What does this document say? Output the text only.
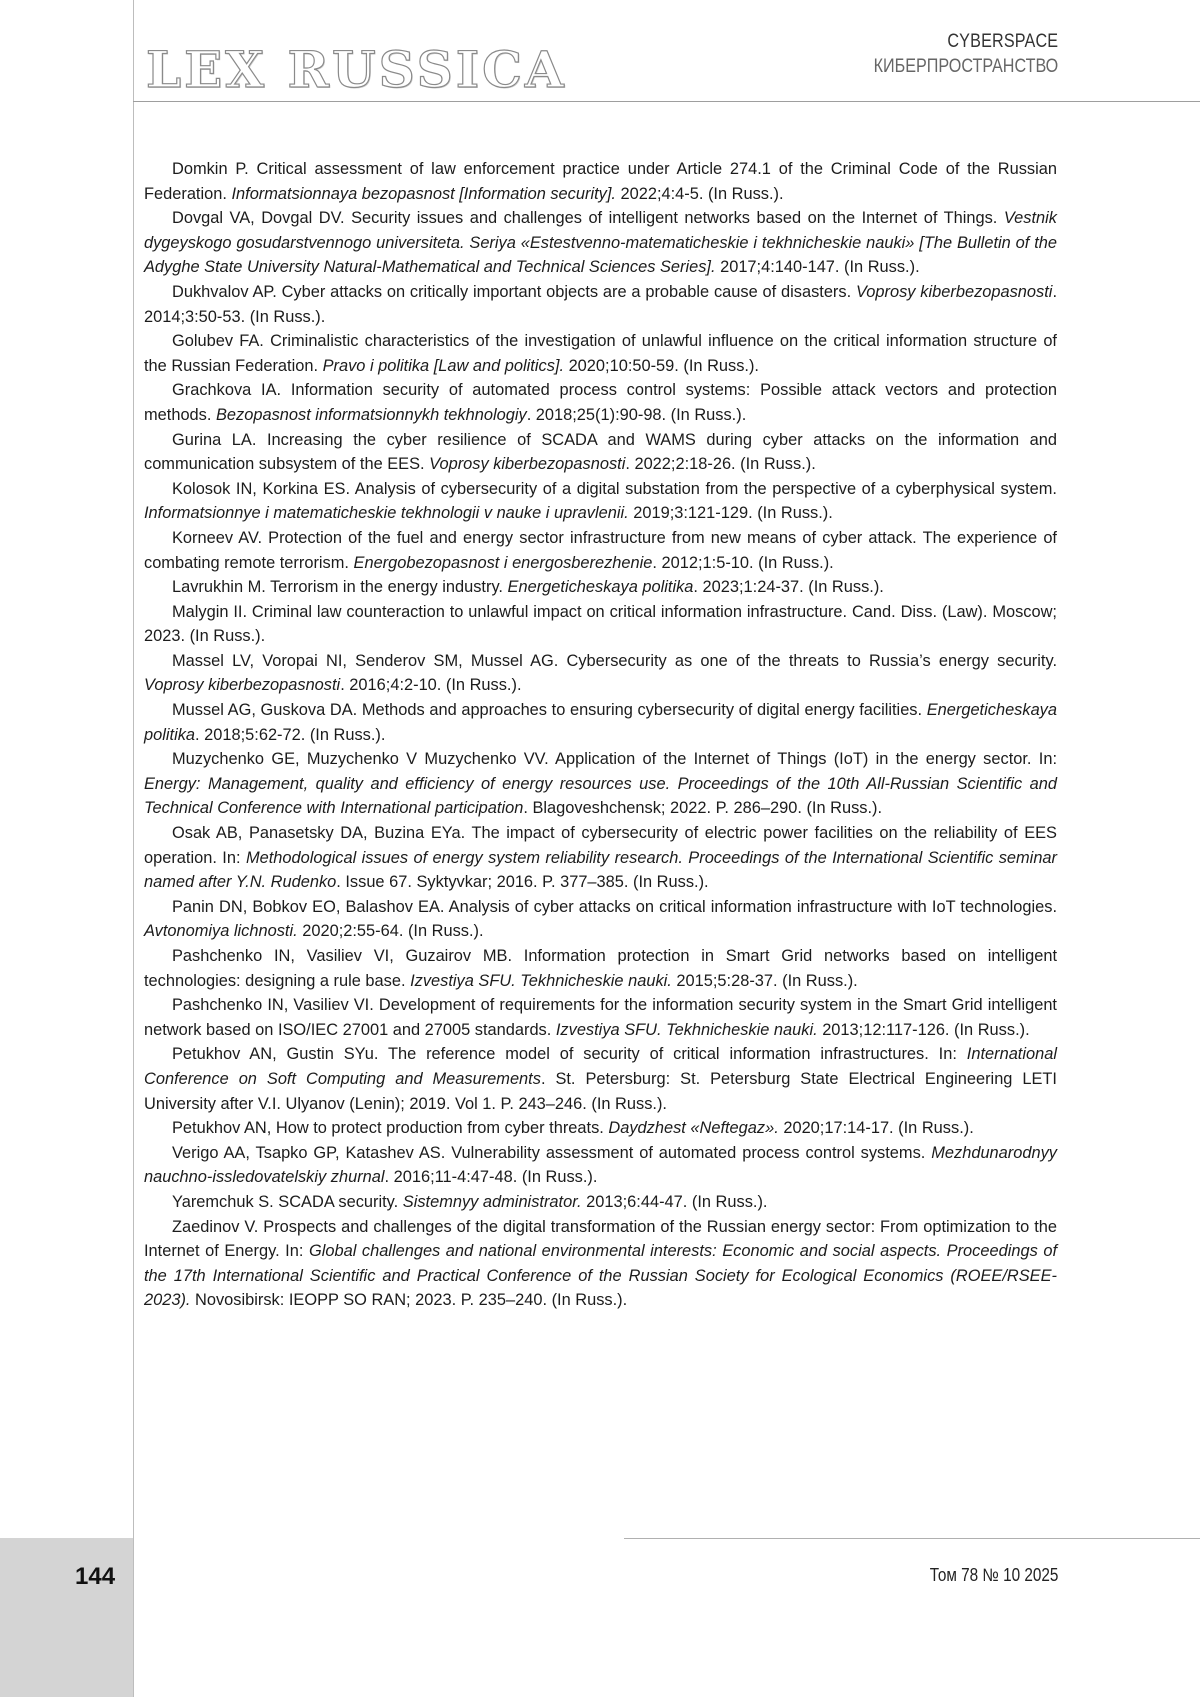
LEX RUSSICA	CYBERSPACE
КИБЕРПРОСТРАНСТВО

Domkin P. Critical assessment of law enforcement practice under Article 274.1 of the Criminal Code of the Russian Federation. Informatsionnaya bezopasnost [Information security]. 2022;4:4-5. (In Russ.).

Dovgal VA, Dovgal DV. Security issues and challenges of intelligent networks based on the Internet of Things. Vestnik dygeyskogo gosudarstvennogo universiteta. Seriya «Estestvenno-matematicheskie i tekhnicheskie nauki» [The Bulletin of the Adyghe State University Natural-Mathematical and Technical Sciences Series]. 2017;4:140-147. (In Russ.).

Dukhvalov AP. Cyber attacks on critically important objects are a probable cause of disasters. Voprosy kiberbezopasnosti. 2014;3:50-53. (In Russ.).

Golubev FA. Criminalistic characteristics of the investigation of unlawful influence on the critical information structure of the Russian Federation. Pravo i politika [Law and politics]. 2020;10:50-59. (In Russ.).

Grachkova IA. Information security of automated process control systems: Possible attack vectors and protection methods. Bezopasnost informatsionnykh tekhnologiy. 2018;25(1):90-98. (In Russ.).

Gurina LA. Increasing the cyber resilience of SCADA and WAMS during cyber attacks on the information and communication subsystem of the EES. Voprosy kiberbezopasnosti. 2022;2:18-26. (In Russ.).

Kolosok IN, Korkina ES. Analysis of cybersecurity of a digital substation from the perspective of a cyberphysical system. Informatsionnye i matematicheskie tekhnologii v nauke i upravlenii. 2019;3:121-129. (In Russ.).

Korneev AV. Protection of the fuel and energy sector infrastructure from new means of cyber attack. The experience of combating remote terrorism. Energobezopasnost i energosberezhenie. 2012;1:5-10. (In Russ.).

Lavrukhin M. Terrorism in the energy industry. Energeticheskaya politika. 2023;1:24-37. (In Russ.).

Malygin II. Criminal law counteraction to unlawful impact on critical information infrastructure. Cand. Diss. (Law). Moscow; 2023. (In Russ.).

Massel LV, Voropai NI, Senderov SM, Mussel AG. Cybersecurity as one of the threats to Russia’s energy security. Voprosy kiberbezopasnosti. 2016;4:2-10. (In Russ.).

Mussel AG, Guskova DA. Methods and approaches to ensuring cybersecurity of digital energy facilities. Energeticheskaya politika. 2018;5:62-72. (In Russ.).

Muzychenko GE, Muzychenko V Muzychenko VV. Application of the Internet of Things (IoT) in the energy sector. In: Energy: Management, quality and efficiency of energy resources use. Proceedings of the 10th All-Russian Scientific and Technical Conference with International participation. Blagoveshchensk; 2022. P. 286–290. (In Russ.).

Osak AB, Panasetsky DA, Buzina EYa. The impact of cybersecurity of electric power facilities on the reliability of EES operation. In: Methodological issues of energy system reliability research. Proceedings of the International Scientific seminar named after Y.N. Rudenko. Issue 67. Syktyvkar; 2016. P. 377–385. (In Russ.).

Panin DN, Bobkov EO, Balashov EA. Analysis of cyber attacks on critical information infrastructure with IoT technologies. Avtonomiya lichnosti. 2020;2:55-64. (In Russ.).

Pashchenko IN, Vasiliev VI, Guzairov MB. Information protection in Smart Grid networks based on intelligent technologies: designing a rule base. Izvestiya SFU. Tekhnicheskie nauki. 2015;5:28-37. (In Russ.).

Pashchenko IN, Vasiliev VI. Development of requirements for the information security system in the Smart Grid intelligent network based on ISO/IEC 27001 and 27005 standards. Izvestiya SFU. Tekhnicheskie nauki. 2013;12:117-126. (In Russ.).

Petukhov AN, Gustin SYu. The reference model of security of critical information infrastructures. In: International Conference on Soft Computing and Measurements. St. Petersburg: St. Petersburg State Electrical Engineering LETI University after V.I. Ulyanov (Lenin); 2019. Vol 1. P. 243–246. (In Russ.).

Petukhov AN, How to protect production from cyber threats. Daydzhest «Neftegaz». 2020;17:14-17. (In Russ.).

Verigo AA, Tsapko GP, Katashev AS. Vulnerability assessment of automated process control systems. Mezhdunarodnyy nauchno-issledovatelskiy zhurnal. 2016;11-4:47-48. (In Russ.).

Yaremchuk S. SCADA security. Sistemnyy administrator. 2013;6:44-47. (In Russ.).

Zaedinov V. Prospects and challenges of the digital transformation of the Russian energy sector: From optimization to the Internet of Energy. In: Global challenges and national environmental interests: Economic and social aspects. Proceedings of the 17th International Scientific and Practical Conference of the Russian Society for Ecological Economics (ROEE/RSEE-2023). Novosibirsk: IEOPP SO RAN; 2023. P. 235–240. (In Russ.).

144	Том 78 № 10 2025
